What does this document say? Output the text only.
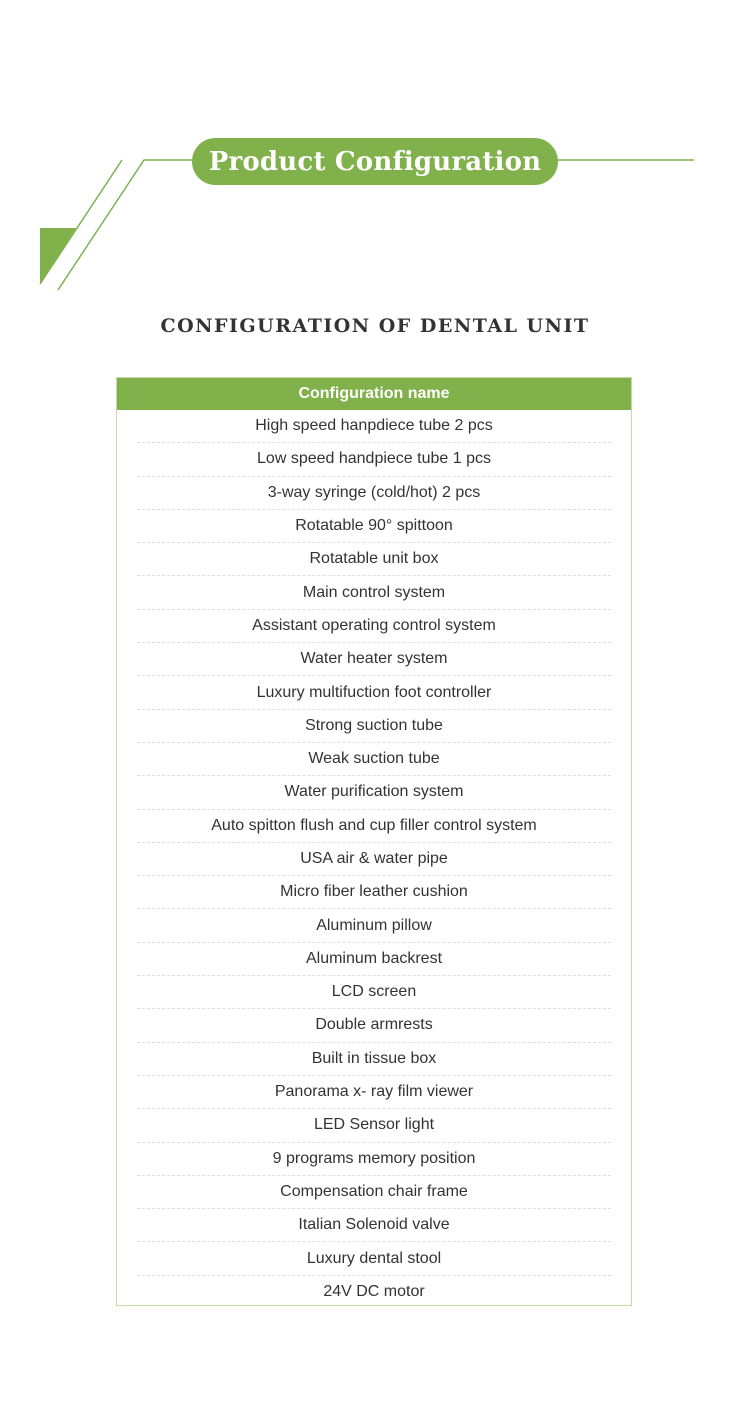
Product Configuration
CONFIGURATION OF DENTAL UNIT
Configuration name
High speed hanpdiece tube 2 pcs
Low speed handpiece tube 1 pcs
3-way syringe (cold/hot) 2 pcs
Rotatable 90° spittoon
Rotatable unit box
Main control system
Assistant operating control system
Water heater system
Luxury multifuction foot controller
Strong suction tube
Weak suction tube
Water purification system
Auto spitton flush and cup filler control system
USA air & water pipe
Micro fiber leather cushion
Aluminum pillow
Aluminum backrest
LCD screen
Double armrests
Built in tissue box
Panorama x- ray film viewer
LED Sensor light
9 programs memory position
Compensation chair frame
Italian Solenoid valve
Luxury dental stool
24V DC motor
